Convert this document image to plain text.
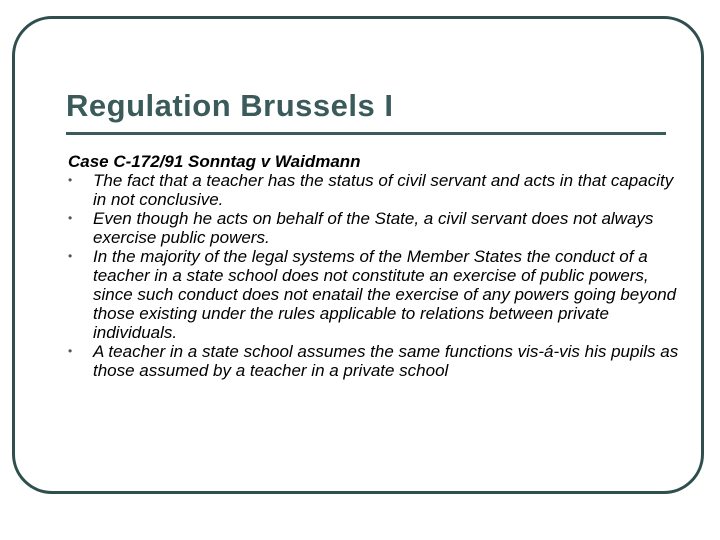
Regulation Brussels I
Case C-172/91 Sonntag v Waidmann
•	The fact that a teacher has the status of civil servant and acts in that capacity in not conclusive.
•	Even though he acts on behalf of the State, a civil servant does not always exercise public powers.
•	In the majority of the legal systems of the Member States the conduct of a teacher in a state school does not constitute an exercise of public powers, since such conduct does not enatail the exercise of any powers going beyond those existing under the rules applicable to relations between private individuals.
•	A teacher in a state school assumes the same functions vis-á-vis his pupils as those assumed by a teacher in a private school
